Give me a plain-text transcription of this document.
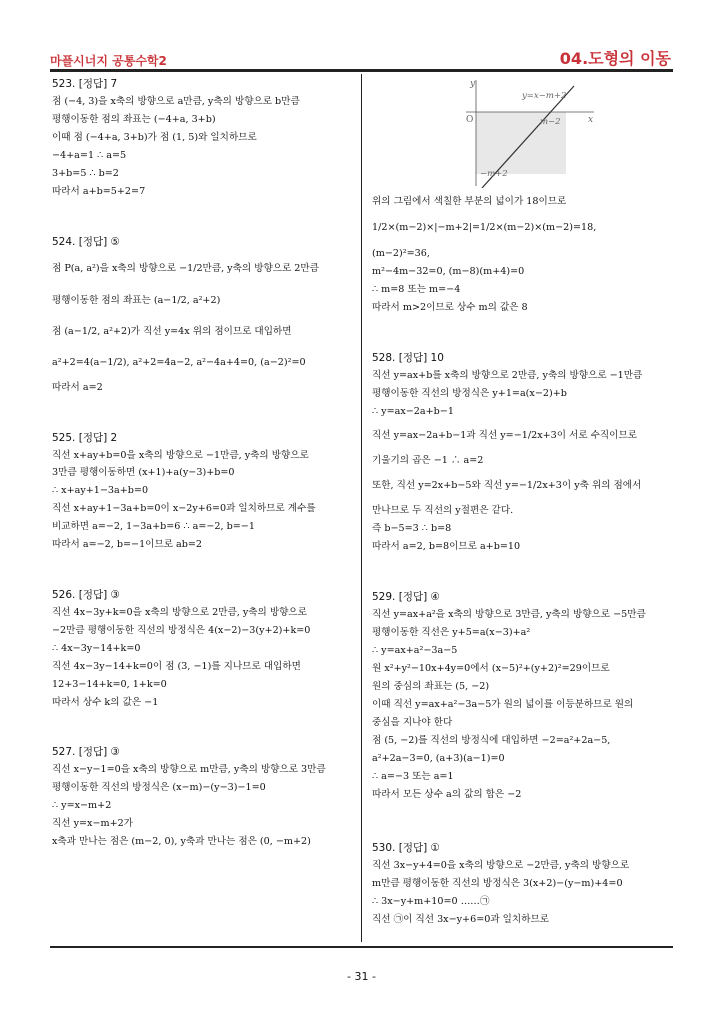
마플시너지 공통수학2	04.도형의 이동
523. [정답] 7
점 (−4, 3)을 x축의 방향으로 a만큼, y축의 방향으로 b만큼
평행이동한 점의 좌표는 (−4+a, 3+b)
이때 점 (−4+a, 3+b)가 점 (1, 5)와 일치하므로
−4+a=1 ∴ a=5
3+b=5 ∴ b=2
따라서 a+b=5+2=7
524. [정답] ⑤
점 P(a, a²)을 x축의 방향으로 −1/2만큼, y축의 방향으로 2만큼
평행이동한 점의 좌표는 (a−1/2, a²+2)
점 (a−1/2, a²+2)가 직선 y=4x 위의 점이므로 대입하면
a²+2=4(a−1/2), a²+2=4a−2, a²−4a+4=0, (a−2)²=0
따라서 a=2
525. [정답] 2
직선 x+ay+b=0을 x축의 방향으로 −1만큼, y축의 방향으로
3만큼 평행이동하면 (x+1)+a(y−3)+b=0
∴ x+ay+1−3a+b=0
직선 x+ay+1−3a+b=0이 x−2y+6=0과 일치하므로 계수를
비교하면 a=−2, 1−3a+b=6 ∴ a=−2, b=−1
따라서 a=−2, b=−1이므로 ab=2
526. [정답] ③
직선 4x−3y+k=0을 x축의 방향으로 2만큼, y축의 방향으로
−2만큼 평행이동한 직선의 방정식은 4(x−2)−3(y+2)+k=0
∴ 4x−3y−14+k=0
직선 4x−3y−14+k=0이 점 (3, −1)를 지나므로 대입하면
12+3−14+k=0, 1+k=0
따라서 상수 k의 값은 −1
527. [정답] ③
직선 x−y−1=0을 x축의 방향으로 m만큼, y축의 방향으로 3만큼
평행이동한 직선의 방정식은 (x−m)−(y−3)−1=0
∴ y=x−m+2
직선 y=x−m+2가
x축과 만나는 점은 (m−2, 0), y축과 만나는 점은 (0, −m+2)
위의 그림에서 색칠한 부분의 넓이가 18이므로
1/2×(m−2)×|−m+2|=1/2×(m−2)×(m−2)=18,
(m−2)²=36,
m²−4m−32=0, (m−8)(m+4)=0
∴ m=8 또는 m=−4
따라서 m>2이므로 상수 m의 값은 8
528. [정답] 10
직선 y=ax+b를 x축의 방향으로 2만큼, y축의 방향으로 −1만큼
평행이동한 직선의 방정식은 y+1=a(x−2)+b
∴ y=ax−2a+b−1
직선 y=ax−2a+b−1과 직선 y=−1/2x+3이 서로 수직이므로
기울기의 곱은 −1 ∴ a=2
또한, 직선 y=2x+b−5와 직선 y=−1/2x+3이 y축 위의 점에서
만나므로 두 직선의 y절편은 같다.
즉 b−5=3 ∴ b=8
따라서 a=2, b=8이므로 a+b=10
529. [정답] ④
직선 y=ax+a²을 x축의 방향으로 3만큼, y축의 방향으로 −5만큼
평행이동한 직선은 y+5=a(x−3)+a²
∴ y=ax+a²−3a−5
원 x²+y²−10x+4y=0에서 (x−5)²+(y+2)²=29이므로
원의 중심의 좌표는 (5, −2)
이때 직선 y=ax+a²−3a−5가 원의 넓이를 이등분하므로 원의
중심을 지나야 한다
점 (5, −2)를 직선의 방정식에 대입하면 −2=a²+2a−5,
a²+2a−3=0, (a+3)(a−1)=0
∴ a=−3 또는 a=1
따라서 모든 상수 a의 값의 합은 −2
530. [정답] ①
직선 3x−y+4=0을 x축의 방향으로 −2만큼, y축의 방향으로
m만큼 평행이동한 직선의 방정식은 3(x+2)−(y−m)+4=0
∴ 3x−y+m+10=0 ……㉠
직선 ㉠이 직선 3x−y+6=0과 일치하므로
y
x
O
y=x−m+2
m−2
−m+2
- 31 -
